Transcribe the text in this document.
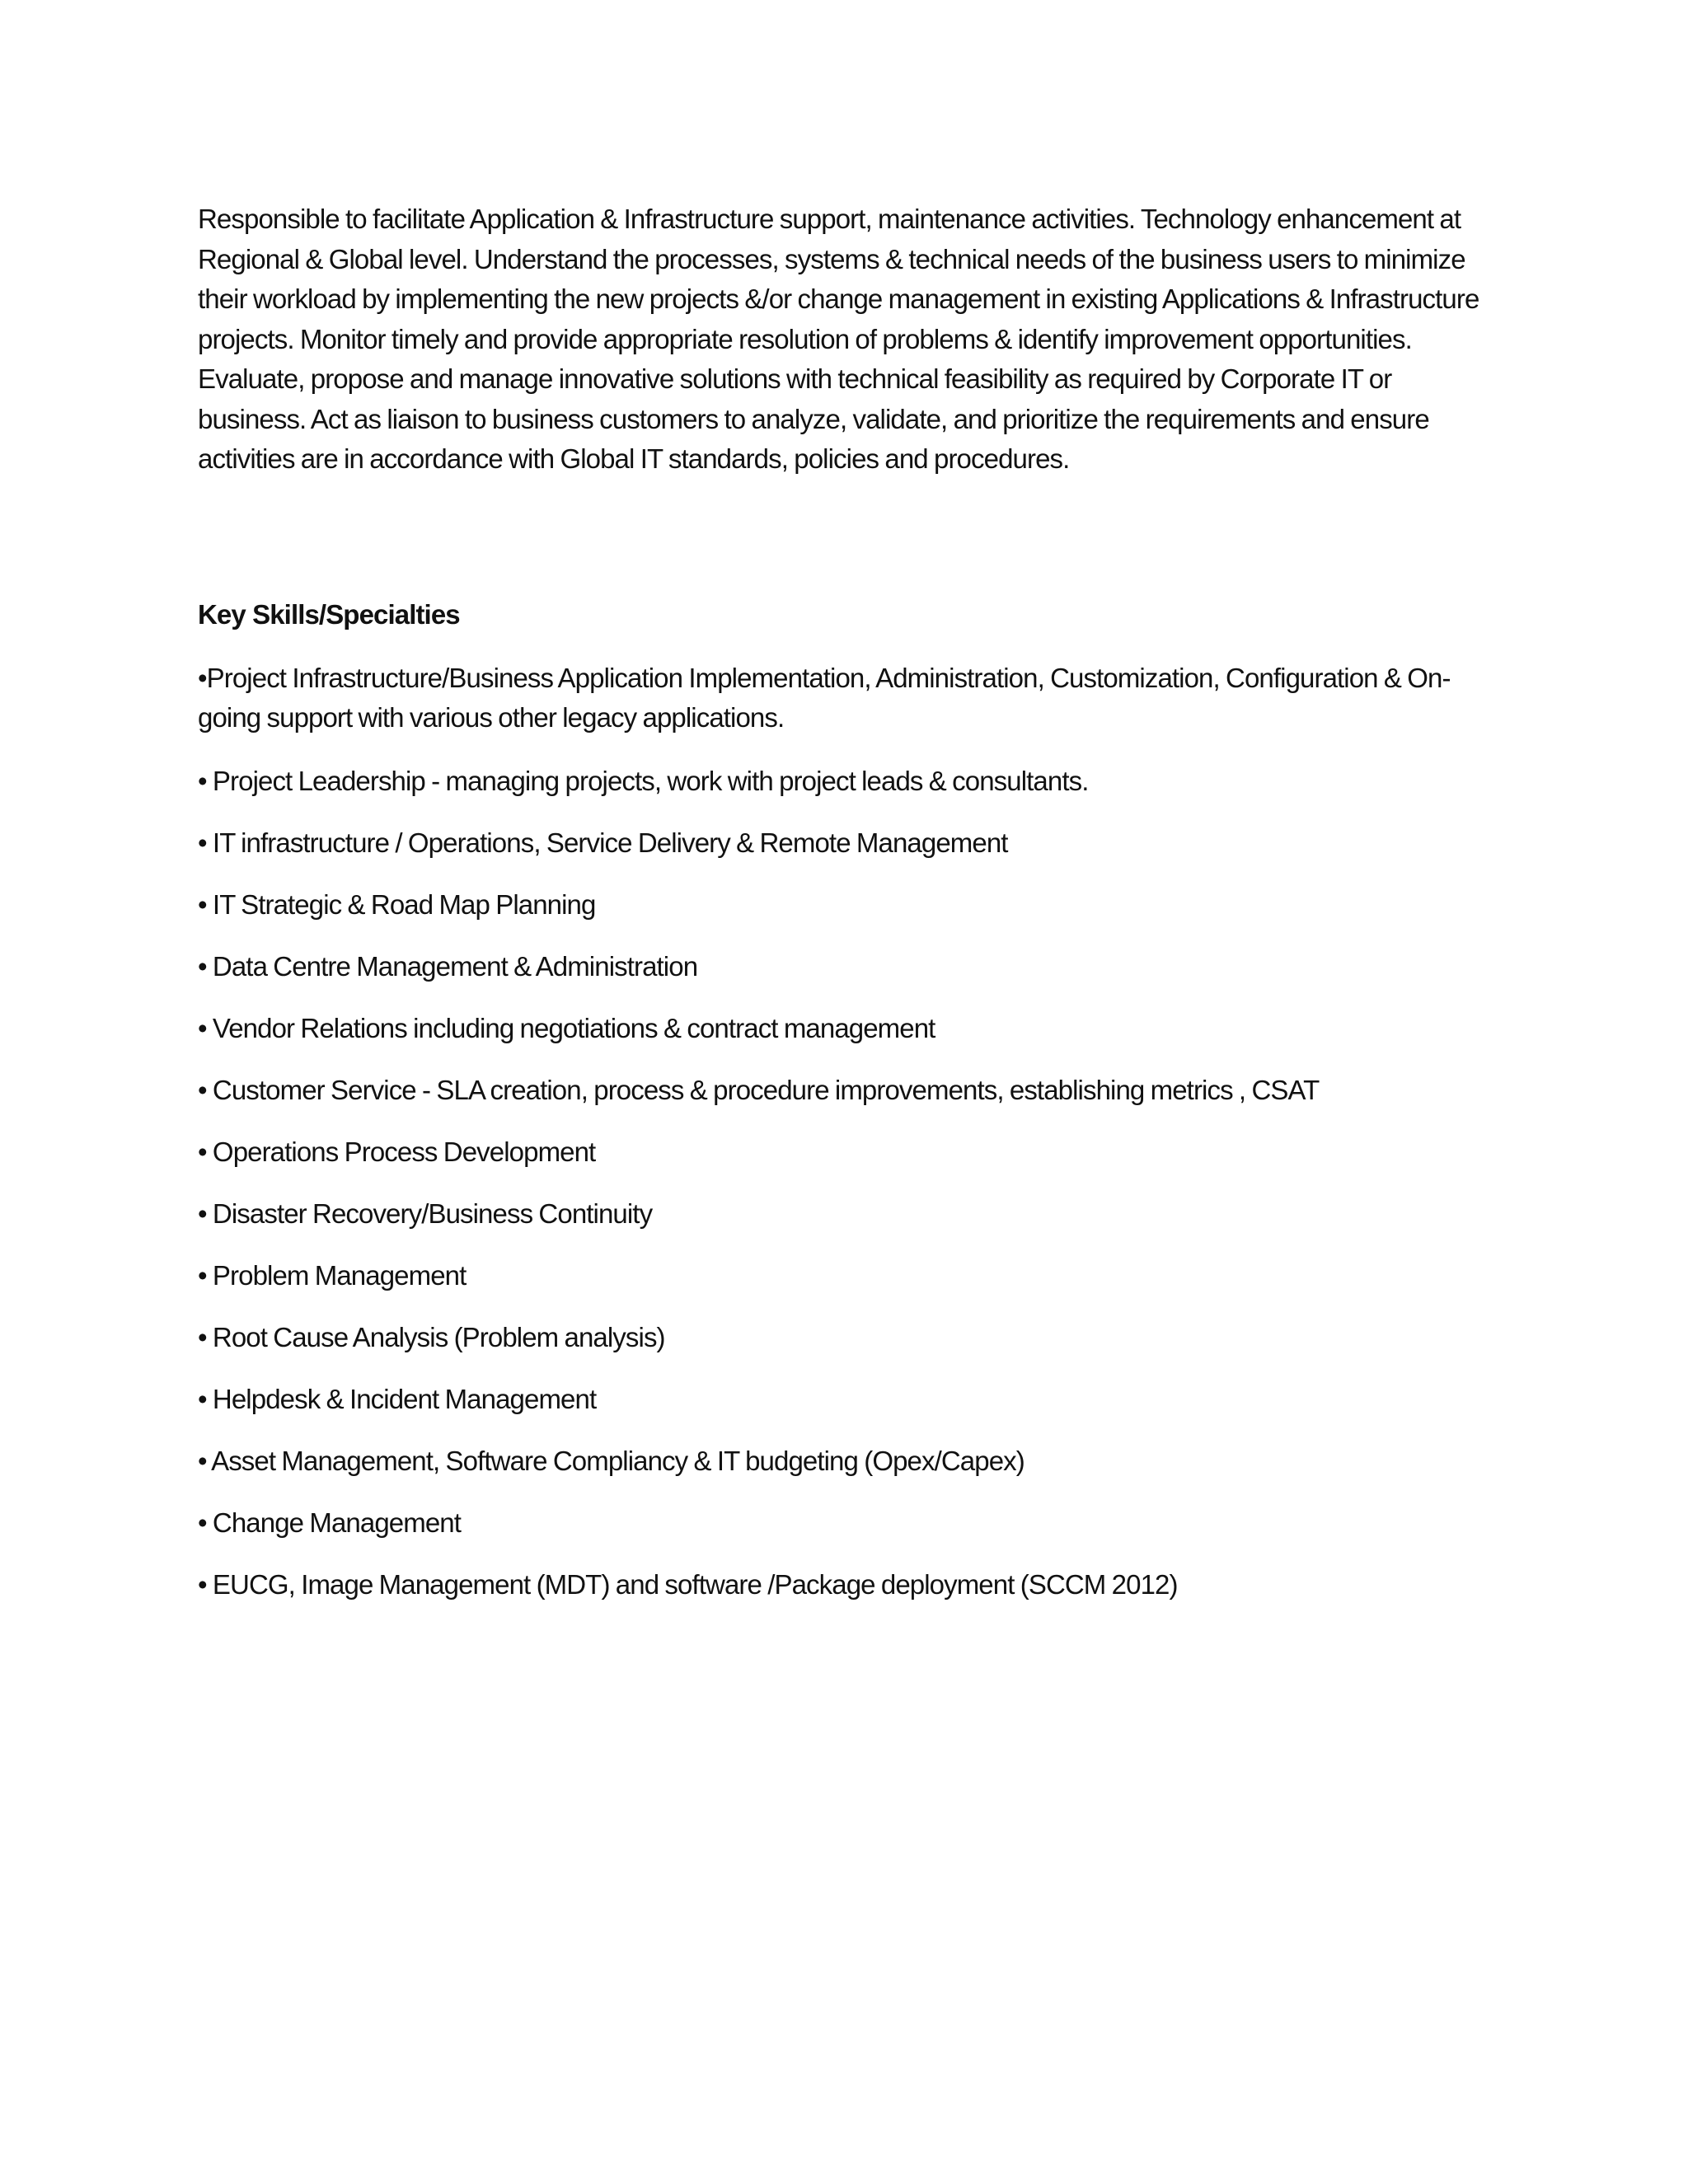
Responsible to facilitate Application & Infrastructure support, maintenance activities. Technology enhancement at Regional & Global level. Understand the processes, systems & technical needs of the business users to minimize their workload by implementing the new projects &/or change management in existing Applications & Infrastructure projects. Monitor timely and provide appropriate resolution of problems & identify improvement opportunities. Evaluate, propose and manage innovative solutions with technical feasibility as required by Corporate IT or business. Act as liaison to business customers to analyze, validate, and prioritize the requirements and ensure activities are in accordance with Global IT standards, policies and procedures.

Key Skills/Specialties

•Project Infrastructure/Business Application Implementation, Administration, Customization, Configuration & On-going support with various other legacy applications.

• Project Leadership - managing projects, work with project leads & consultants.
• IT infrastructure / Operations, Service Delivery & Remote Management
• IT Strategic & Road Map Planning
• Data Centre Management & Administration
• Vendor Relations including negotiations & contract management
• Customer Service - SLA creation, process & procedure improvements, establishing metrics , CSAT
• Operations Process Development
• Disaster Recovery/Business Continuity
• Problem Management
• Root Cause Analysis (Problem analysis)
• Helpdesk & Incident Management
• Asset Management, Software Compliancy & IT budgeting (Opex/Capex)
• Change Management
• EUCG, Image Management (MDT) and software /Package deployment (SCCM 2012)
